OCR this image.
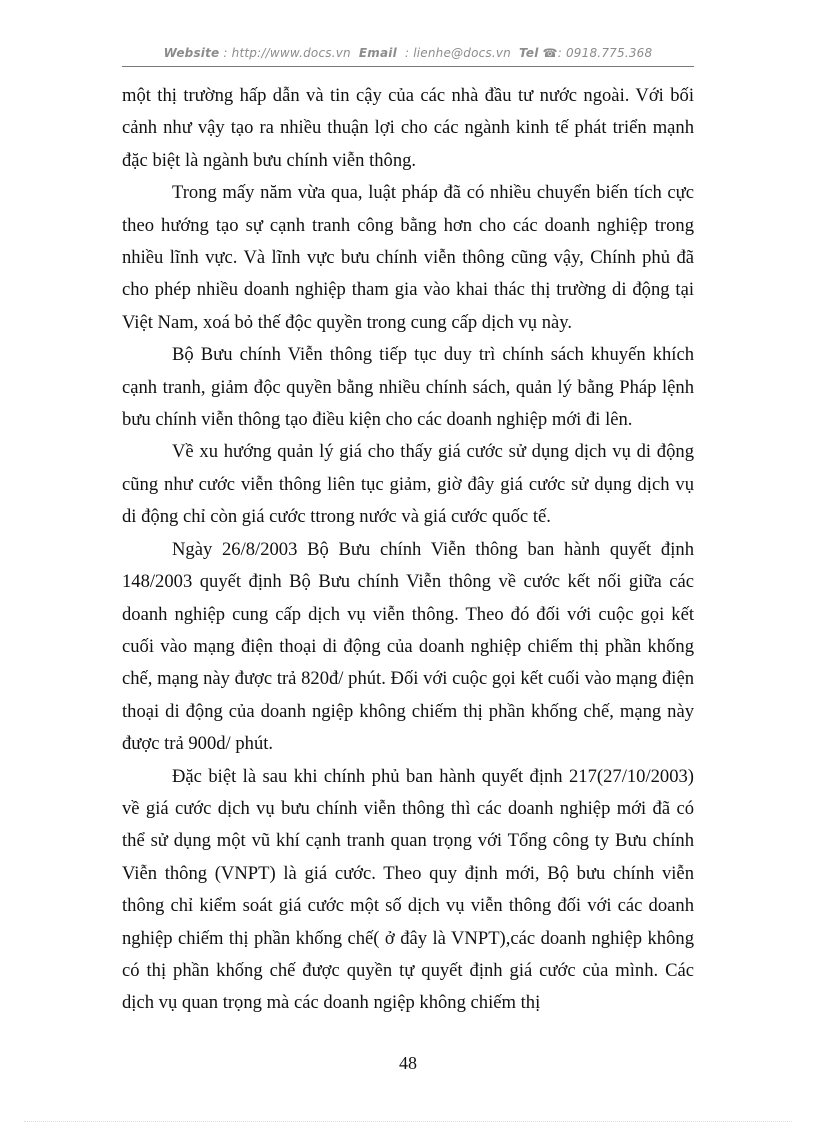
Website : http://www.docs.vn Email : lienhe@docs.vn Tel ☎: 0918.775.368

một thị trường hấp dẫn và tin cậy của các nhà đầu tư nước ngoài. Với bối cảnh như vậy tạo ra nhiều thuận lợi cho các ngành kinh tế phát triển mạnh đặc biệt là ngành bưu chính viễn thông.

Trong mấy năm vừa qua, luật pháp đã có nhiều chuyển biến tích cực theo hướng tạo sự cạnh tranh công bằng hơn cho các doanh nghiệp trong nhiều lĩnh vực. Và lĩnh vực bưu chính viễn thông cũng vậy, Chính phủ đã cho phép nhiều doanh nghiệp tham gia vào khai thác thị trường di động tại Việt Nam, xoá bỏ thế độc quyền trong cung cấp dịch vụ này.

Bộ Bưu chính Viễn thông tiếp tục duy trì chính sách khuyến khích cạnh tranh, giảm độc quyền bằng nhiều chính sách, quản lý bằng Pháp lệnh bưu chính viễn thông tạo điều kiện cho các doanh nghiệp mới đi lên.

Về xu hướng quản lý giá cho thấy giá cước sử dụng dịch vụ di động cũng như cước viễn thông liên tục giảm, giờ đây giá cước sử dụng dịch vụ di động chỉ còn giá cước ttrong nước và giá cước quốc tế.

Ngày 26/8/2003 Bộ Bưu chính Viễn thông ban hành quyết định 148/2003 quyết định Bộ Bưu chính Viễn thông về cước kết nối giữa các doanh nghiệp cung cấp dịch vụ viễn thông. Theo đó đối với cuộc gọi kết cuối vào mạng điện thoại di động của doanh nghiệp chiếm thị phần khống chế, mạng này được trả 820đ/ phút. Đối với cuộc gọi kết cuối vào mạng điện thoại di động của doanh ngiệp không chiếm thị phần khống chế, mạng này được trả 900d/ phút.

Đặc biệt là sau khi chính phủ ban hành quyết định 217(27/10/2003) về giá cước dịch vụ bưu chính viễn thông thì các doanh nghiệp mới đã có thể sử dụng một vũ khí cạnh tranh quan trọng với Tổng công ty Bưu chính Viễn thông (VNPT) là giá cước. Theo quy định mới, Bộ bưu chính viễn thông chỉ kiểm soát giá cước một số dịch vụ viễn thông đối với các doanh nghiệp chiếm thị phần khống chế( ở đây là VNPT),các doanh nghiệp không có thị phần khống chế được quyền tự quyết định giá cước của mình. Các dịch vụ quan trọng mà các doanh ngiệp không chiếm thị

48
